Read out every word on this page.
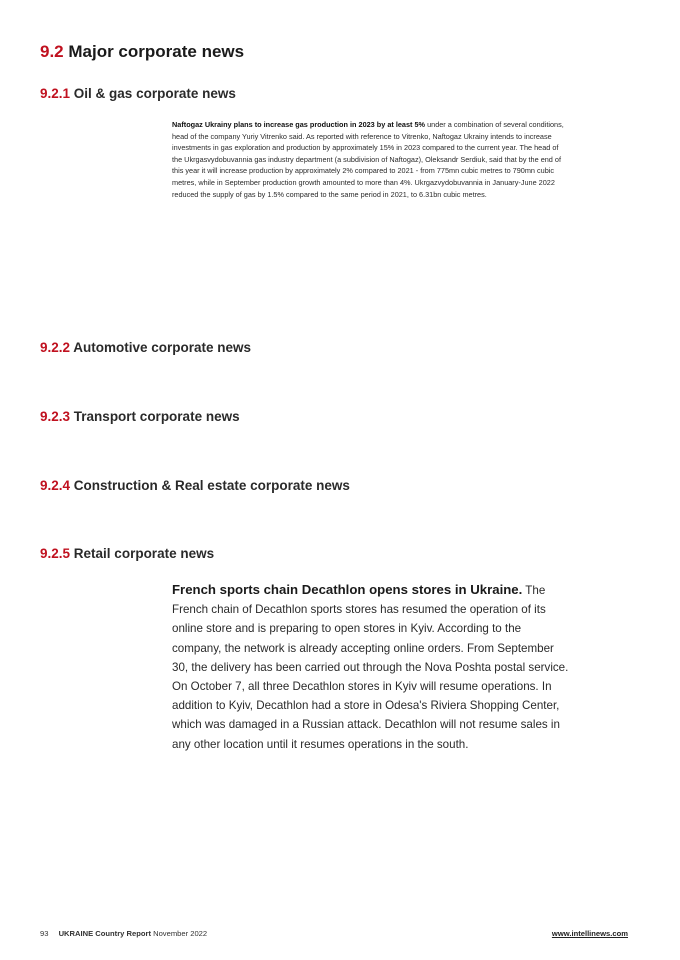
9.2 Major corporate news
9.2.1 Oil & gas corporate news
Naftogaz Ukrainy plans to increase gas production in 2023 by at least 5% under a combination of several conditions, head of the company Yuriy Vitrenko said. As reported with reference to Vitrenko, Naftogaz Ukrainy intends to increase investments in gas exploration and production by approximately 15% in 2023 compared to the current year. The head of the Ukrgasvydobuvannia gas industry department (a subdivision of Naftogaz), Oleksandr Serdiuk, said that by the end of this year it will increase production by approximately 2% compared to 2021 - from 775mn cubic metres to 790mn cubic metres, while in September production growth amounted to more than 4%. Ukrgazvydobuvannia in January-June 2022 reduced the supply of gas by 1.5% compared to the same period in 2021, to 6.31bn cubic metres.
9.2.2 Automotive corporate news
9.2.3 Transport corporate news
9.2.4 Construction & Real estate corporate news
9.2.5 Retail corporate news
French sports chain Decathlon opens stores in Ukraine. The French chain of Decathlon sports stores has resumed the operation of its online store and is preparing to open stores in Kyiv. According to the company, the network is already accepting online orders. From September 30, the delivery has been carried out through the Nova Poshta postal service. On October 7, all three Decathlon stores in Kyiv will resume operations. In addition to Kyiv, Decathlon had a store in Odesa's Riviera Shopping Center, which was damaged in a Russian attack. Decathlon will not resume sales in any other location until it resumes operations in the south.
93 UKRAINE Country Report November 2022	www.intellinews.com
